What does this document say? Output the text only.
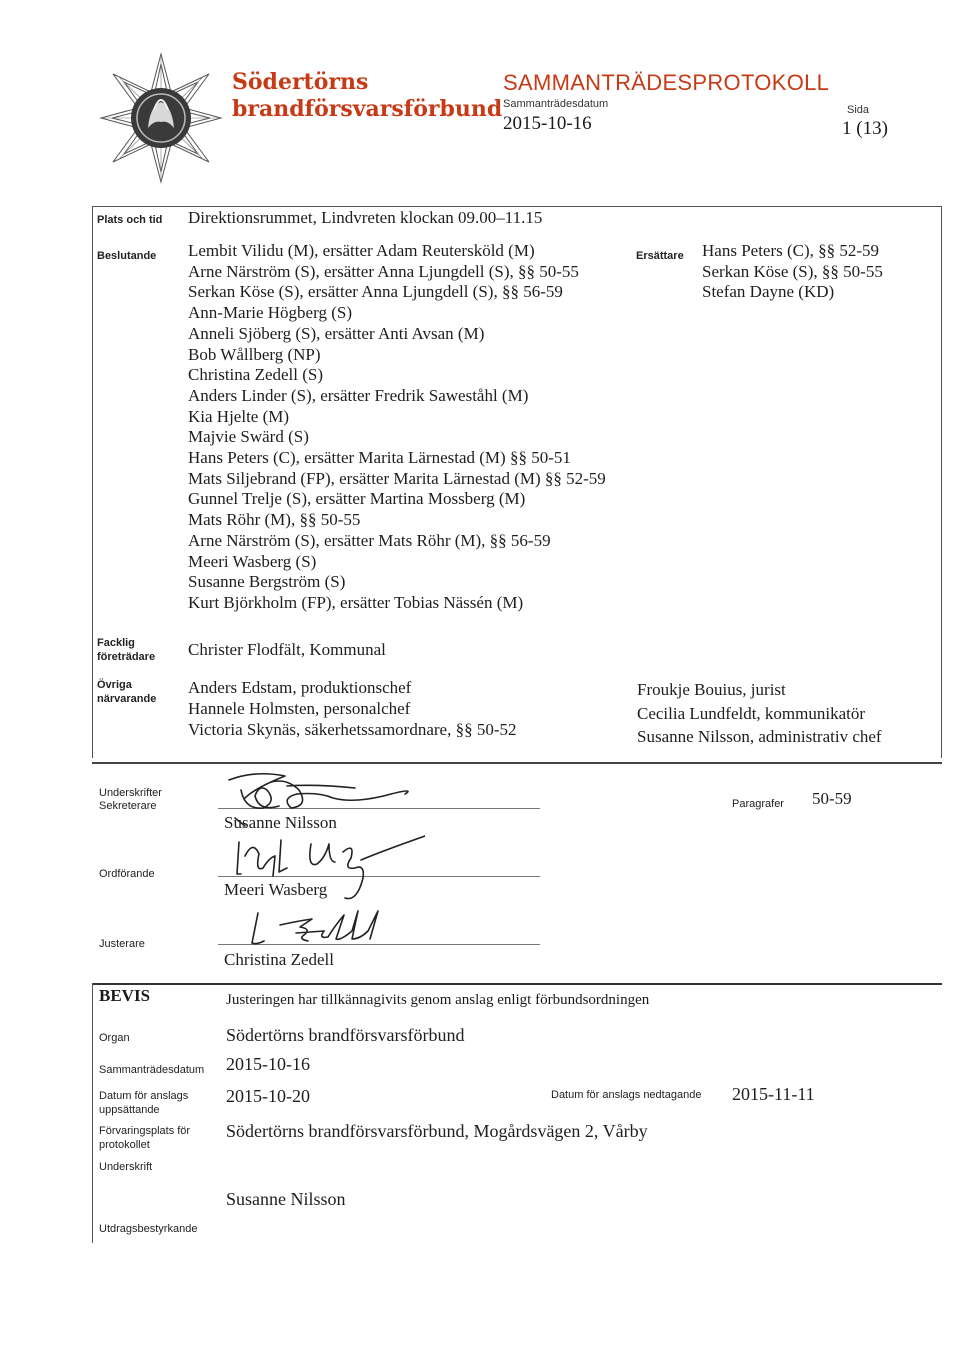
Södertörns
brandförsvarsförbund
SAMMANTRÄDESPROTOKOLL
Sammanträdesdatum
2015-10-16
Sida
1 (13)
Plats och tid Direktionsrummet, Lindvreten klockan 09.00–11.15
Beslutande Lembit Vilidu (M), ersätter Adam Reutersköld (M)
Arne Närström (S), ersätter Anna Ljungdell (S), §§ 50-55
Serkan Köse (S), ersätter Anna Ljungdell (S), §§ 56-59
Ann-Marie Högberg (S)
Anneli Sjöberg (S), ersätter Anti Avsan (M)
Bob Wållberg (NP)
Christina Zedell (S)
Anders Linder (S), ersätter Fredrik Saweståhl (M)
Kia Hjelte (M)
Majvie Swärd (S)
Hans Peters (C), ersätter Marita Lärnestad (M) §§ 50-51
Mats Siljebrand (FP), ersätter Marita Lärnestad (M) §§ 52-59
Gunnel Trelje (S), ersätter Martina Mossberg (M)
Mats Röhr (M), §§ 50-55
Arne Närström (S), ersätter Mats Röhr (M), §§ 56-59
Meeri Wasberg (S)
Susanne Bergström (S)
Kurt Björkholm (FP), ersätter Tobias Nässén (M)
Ersättare Hans Peters (C), §§ 52-59
Serkan Köse (S), §§ 50-55
Stefan Dayne (KD)
Facklig
företrädare Christer Flodfält, Kommunal
Övriga
närvarande
Anders Edstam, produktionschef
Hannele Holmsten, personalchef
Victoria Skynäs, säkerhetssamordnare, §§ 50-52
Froukje Bouius, jurist
Cecilia Lundfeldt, kommunikatör
Susanne Nilsson, administrativ chef
Underskrifter
Sekreterare
Susanne Nilsson
Paragrafer 50-59
Ordförande
Meeri Wasberg
Justerare
Christina Zedell
BEVIS	Justeringen har tillkännagivits genom anslag enligt förbundsordningen
Organ	Södertörns brandförsvarsförbund
Sammanträdesdatum 2015-10-16
Datum för anslags
uppsättande
2015-10-20	Datum för anslags nedtagande 2015-11-11
Förvaringsplats för
protokollet
Södertörns brandförsvarsförbund, Mogårdsvägen 2, Vårby
Underskrift
Susanne Nilsson
Utdragsbestyrkande
